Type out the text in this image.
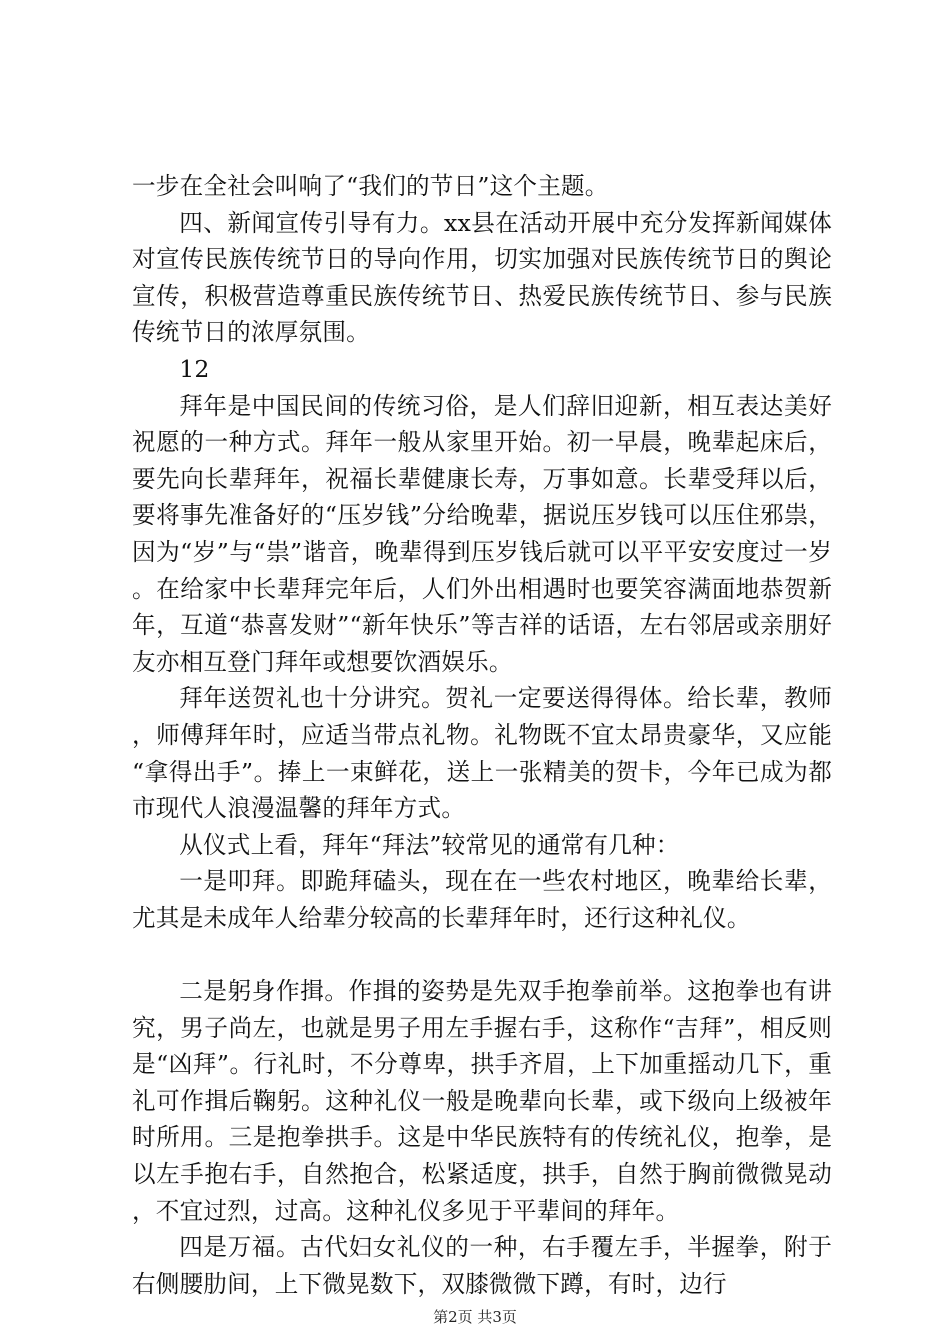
一步在全社会叫响了“我们的节日”这个主题。

四、新闻宣传引导有力。xx县在活动开展中充分发挥新闻媒体对宣传民族传统节日的导向作用，切实加强对民族传统节日的舆论宣传，积极营造尊重民族传统节日、热爱民族传统节日、参与民族传统节日的浓厚氛围。

12

拜年是中国民间的传统习俗，是人们辞旧迎新，相互表达美好祝愿的一种方式。拜年一般从家里开始。初一早晨，晚辈起床后，要先向长辈拜年，祝福长辈健康长寿，万事如意。长辈受拜以后，要将事先准备好的“压岁钱”分给晚辈，据说压岁钱可以压住邪祟，因为“岁”与“祟”谐音，晚辈得到压岁钱后就可以平平安安度过一岁。在给家中长辈拜完年后，人们外出相遇时也要笑容满面地恭贺新年，互道“恭喜发财”“新年快乐”等吉祥的话语，左右邻居或亲朋好友亦相互登门拜年或想要饮酒娱乐。

拜年送贺礼也十分讲究。贺礼一定要送得得体。给长辈，教师，师傅拜年时，应适当带点礼物。礼物既不宜太昂贵豪华，又应能“拿得出手”。捧上一束鲜花，送上一张精美的贺卡，今年已成为都市现代人浪漫温馨的拜年方式。

从仪式上看，拜年“拜法”较常见的通常有几种：

一是叩拜。即跪拜磕头，现在在一些农村地区，晚辈给长辈，尤其是未成年人给辈分较高的长辈拜年时，还行这种礼仪。

二是躬身作揖。作揖的姿势是先双手抱拳前举。这抱拳也有讲究，男子尚左，也就是男子用左手握右手，这称作“吉拜”，相反则是“凶拜”。行礼时，不分尊卑，拱手齐眉，上下加重摇动几下，重礼可作揖后鞠躬。这种礼仪一般是晚辈向长辈，或下级向上级被年时所用。三是抱拳拱手。这是中华民族特有的传统礼仪，抱拳，是以左手抱右手，自然抱合，松紧适度，拱手，自然于胸前微微晃动，不宜过烈，过高。这种礼仪多见于平辈间的拜年。

四是万福。古代妇女礼仪的一种，右手覆左手，半握拳，附于右侧腰肋间，上下微晃数下，双膝微微下蹲，有时，边行

第2页 共3页
